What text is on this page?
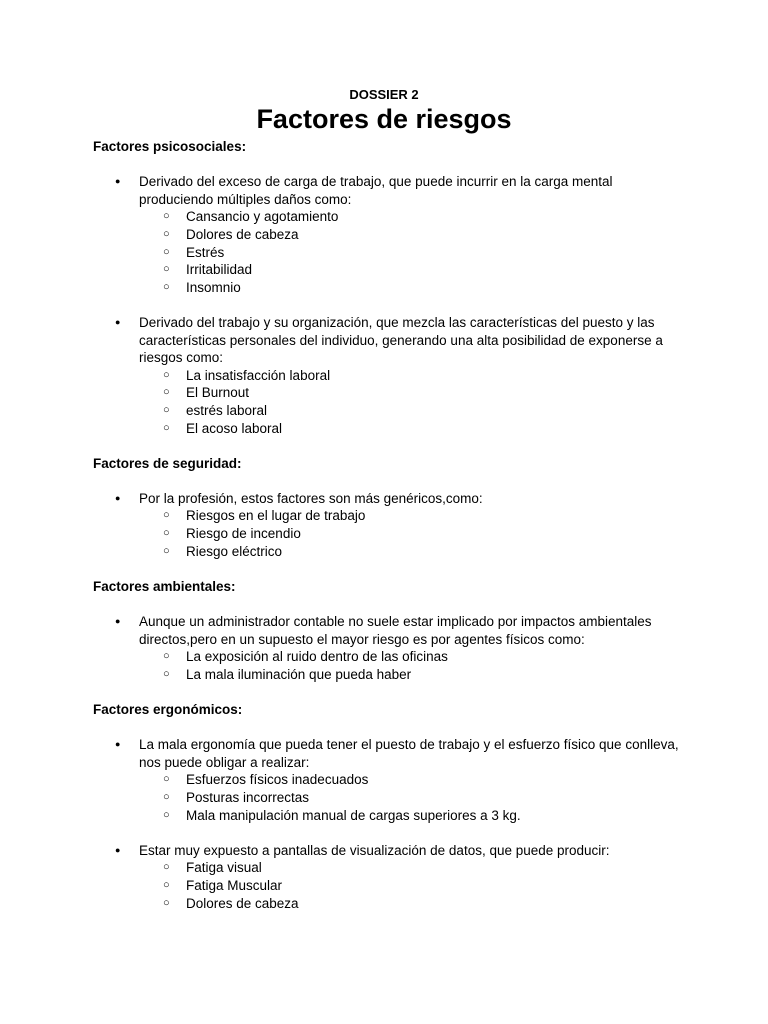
DOSSIER 2
Factores de riesgos

Factores psicosociales:

● Derivado del exceso de carga de trabajo, que puede incurrir en la carga mental produciendo múltiples daños como:
○ Cansancio y agotamiento
○ Dolores de cabeza
○ Estrés
○ Irritabilidad
○ Insomnio
● Derivado del trabajo y su organización, que mezcla las características del puesto y las características personales del individuo, generando una alta posibilidad de exponerse a riesgos como:
○ La insatisfacción laboral
○ El Burnout
○ estrés laboral
○ El acoso laboral

Factores de seguridad:

● Por la profesión, estos factores son más genéricos,como:
○ Riesgos en el lugar de trabajo
○ Riesgo de incendio
○ Riesgo eléctrico

Factores ambientales:

● Aunque un administrador contable no suele estar implicado por impactos ambientales directos,pero en un supuesto el mayor riesgo es por agentes físicos como:
○ La exposición al ruido dentro de las oficinas
○ La mala iluminación que pueda haber

Factores ergonómicos:

● La mala ergonomía que pueda tener el puesto de trabajo y el esfuerzo físico que conlleva, nos puede obligar a realizar:
○ Esfuerzos físicos inadecuados
○ Posturas incorrectas
○ Mala manipulación manual de cargas superiores a 3 kg.
● Estar muy expuesto a pantallas de visualización de datos, que puede producir:
○ Fatiga visual
○ Fatiga Muscular
○ Dolores de cabeza
